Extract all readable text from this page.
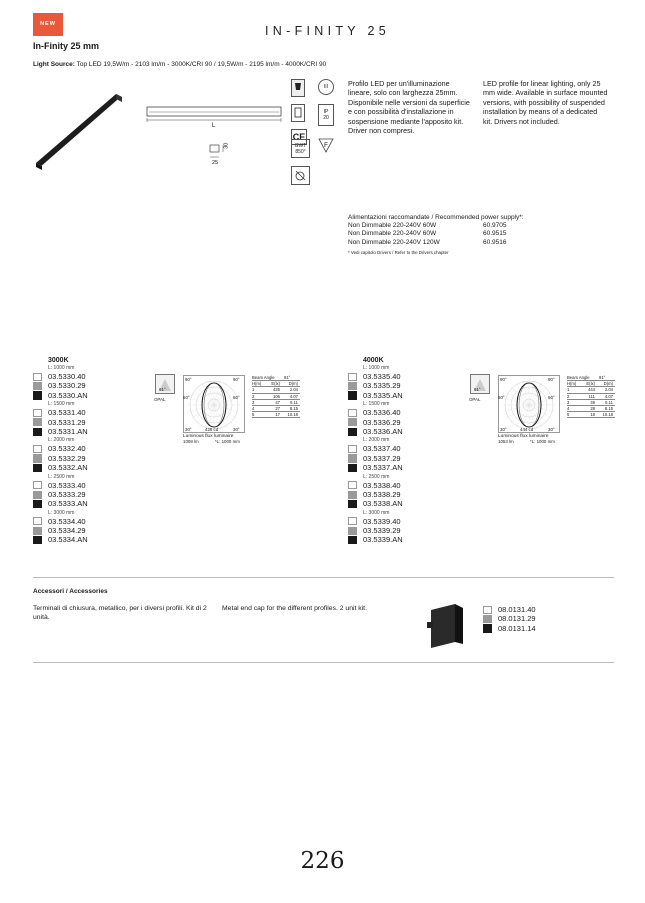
NEW	IN-FINITY 25
In-Finity 25 mm
Light Source: Top LED 19,5W/m - 2103 lm/m - 3000K/CRI 90 / 19,5W/m - 2195 lm/m - 4000K/CRI 90
L
30
25
III
CE
IP
20
GWT
850°
F
Profilo LED per un'illuminazione lineare, solo con larghezza 25mm. Disponibile nelle versioni da superficie e con possibilità d'installazione in sospensione mediante l'apposito kit. Driver non compresi.
LED profile for linear lighting, only 25 mm wide. Available in surface mounted versions, with possibility of suspended installation by means of a dedicated kit. Drivers not included.
Alimentazioni raccomandate / Recommended power supply*:
Non Dimmable 220-240V 60W	60.9705
Non Dimmable 220-240V 60W	60.9515
Non Dimmable 220-240V 120W	60.9516
* Vedi capitolo Drivers / Refer to the Drivers chapter
3000K
L: 1000 mm
03.5330.40
03.5330.29
03.5330.AN
L: 1500 mm
03.5331.40
03.5331.29
03.5331.AN
L: 2000 mm
03.5332.40
03.5332.29
03.5332.AN
L: 2500 mm
03.5333.40
03.5333.29
03.5333.AN
L: 3000 mm
03.5334.40
03.5334.29
03.5334.AN
91°
OPAL
90°	90°
60°	60°
30°	425 cd	30°
Luminous flux luminaire
1008 lm	*L: 1000 mm
Beam Angle	91°
H(m)	E(lx)	D(m)
1	425	2.04
2	106	4.07
3	47	6.11
4	27	8.15
5	17	10.18
4000K
L: 1000 mm
03.5335.40
03.5335.29
03.5335.AN
L: 1500 mm
03.5336.40
03.5336.29
03.5336.AN
L: 2000 mm
03.5337.40
03.5337.29
03.5337.AN
L: 2500 mm
03.5338.40
03.5338.29
03.5338.AN
L: 3000 mm
03.5339.40
03.5339.29
03.5339.AN
91°
OPAL
90°	90°
60°	60°
30°	444 cd	30°
Luminous flux luminaire
1053 lm	*L: 1000 mm
Beam Angle	91°
H(m)	E(lx)	D(m)
1	444	2.04
2	111	4.07
3	49	6.11
4	28	8.15
5	18	10.18
Accessori / Accessories
Terminali di chiusura, metallico, per i diversi profili. Kit di 2 unità.
Metal end cap for the different profiles. 2 unit kit.	08.0131.40
08.0131.29
08.0131.14
226
